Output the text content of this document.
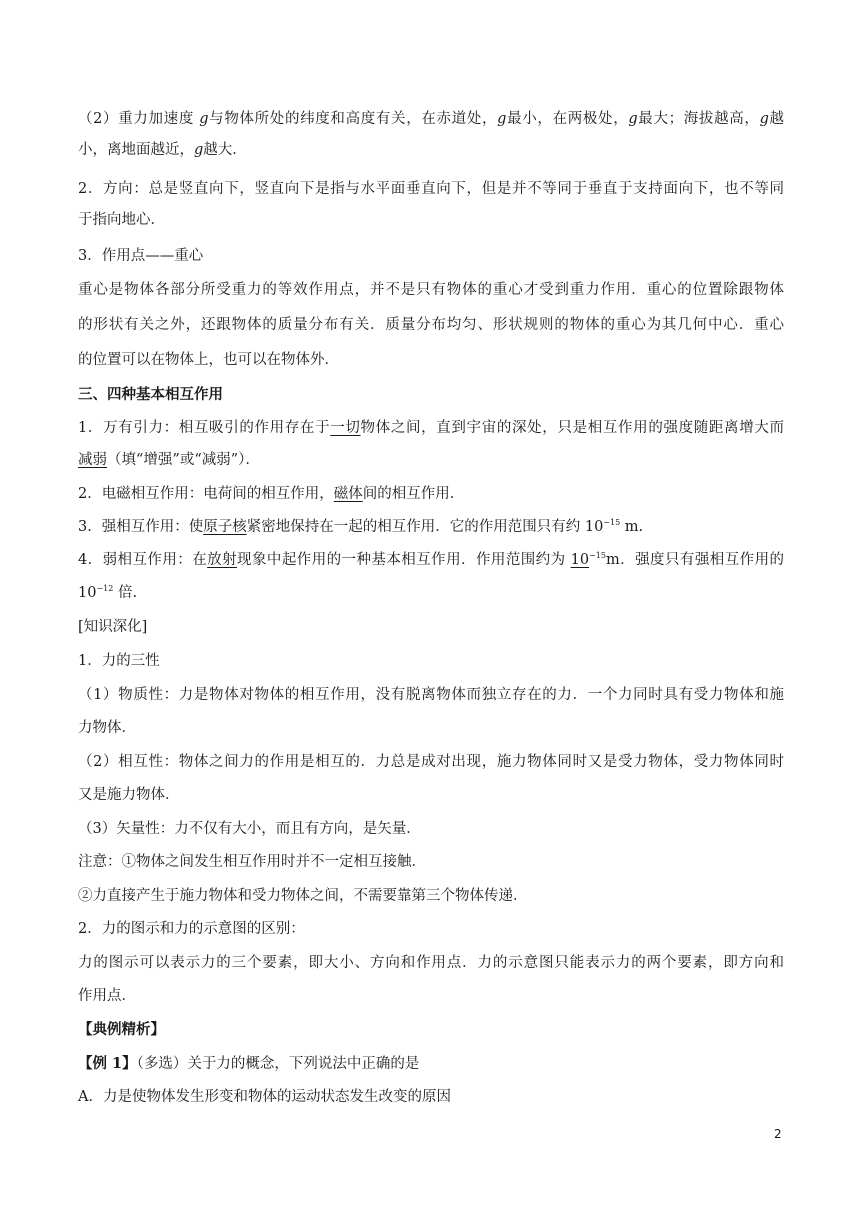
（2）重力加速度 g与物体所处的纬度和高度有关，在赤道处，g最小，在两极处，g最大；海拔越高，g越
小，离地面越近，g越大．
2．方向：总是竖直向下，竖直向下是指与水平面垂直向下，但是并不等同于垂直于支持面向下，也不等同
于指向地心．
3．作用点——重心
重心是物体各部分所受重力的等效作用点，并不是只有物体的重心才受到重力作用．重心的位置除跟物体
的形状有关之外，还跟物体的质量分布有关．质量分布均匀、形状规则的物体的重心为其几何中心．重心
的位置可以在物体上，也可以在物体外．
三、四种基本相互作用
1．万有引力：相互吸引的作用存在于一切物体之间，直到宇宙的深处，只是相互作用的强度随距离增大而
减弱（填“增强”或“减弱”）．
2．电磁相互作用：电荷间的相互作用，磁体间的相互作用．
3．强相互作用：使原子核紧密地保持在一起的相互作用．它的作用范围只有约 $10^{-15}$ m.
4．弱相互作用：在放射现象中起作用的一种基本相互作用．作用范围约为 $10^{-15}m$．强度只有强相互作用的
$10^{-12}$ 倍.
[知识深化]
1．力的三性
（1）物质性：力是物体对物体的相互作用，没有脱离物体而独立存在的力．一个力同时具有受力物体和施
力物体．
（2）相互性：物体之间力的作用是相互的．力总是成对出现，施力物体同时又是受力物体，受力物体同时
又是施力物体．
（3）矢量性：力不仅有大小，而且有方向，是矢量．
注意：①物体之间发生相互作用时并不一定相互接触．
②力直接产生于施力物体和受力物体之间，不需要靠第三个物体传递．
2．力的图示和力的示意图的区别：
力的图示可以表示力的三个要素，即大小、方向和作用点．力的示意图只能表示力的两个要素，即方向和
作用点．
【典例精析】
【例 1】（多选）关于力的概念，下列说法中正确的是
A．力是使物体发生形变和物体的运动状态发生改变的原因
2
